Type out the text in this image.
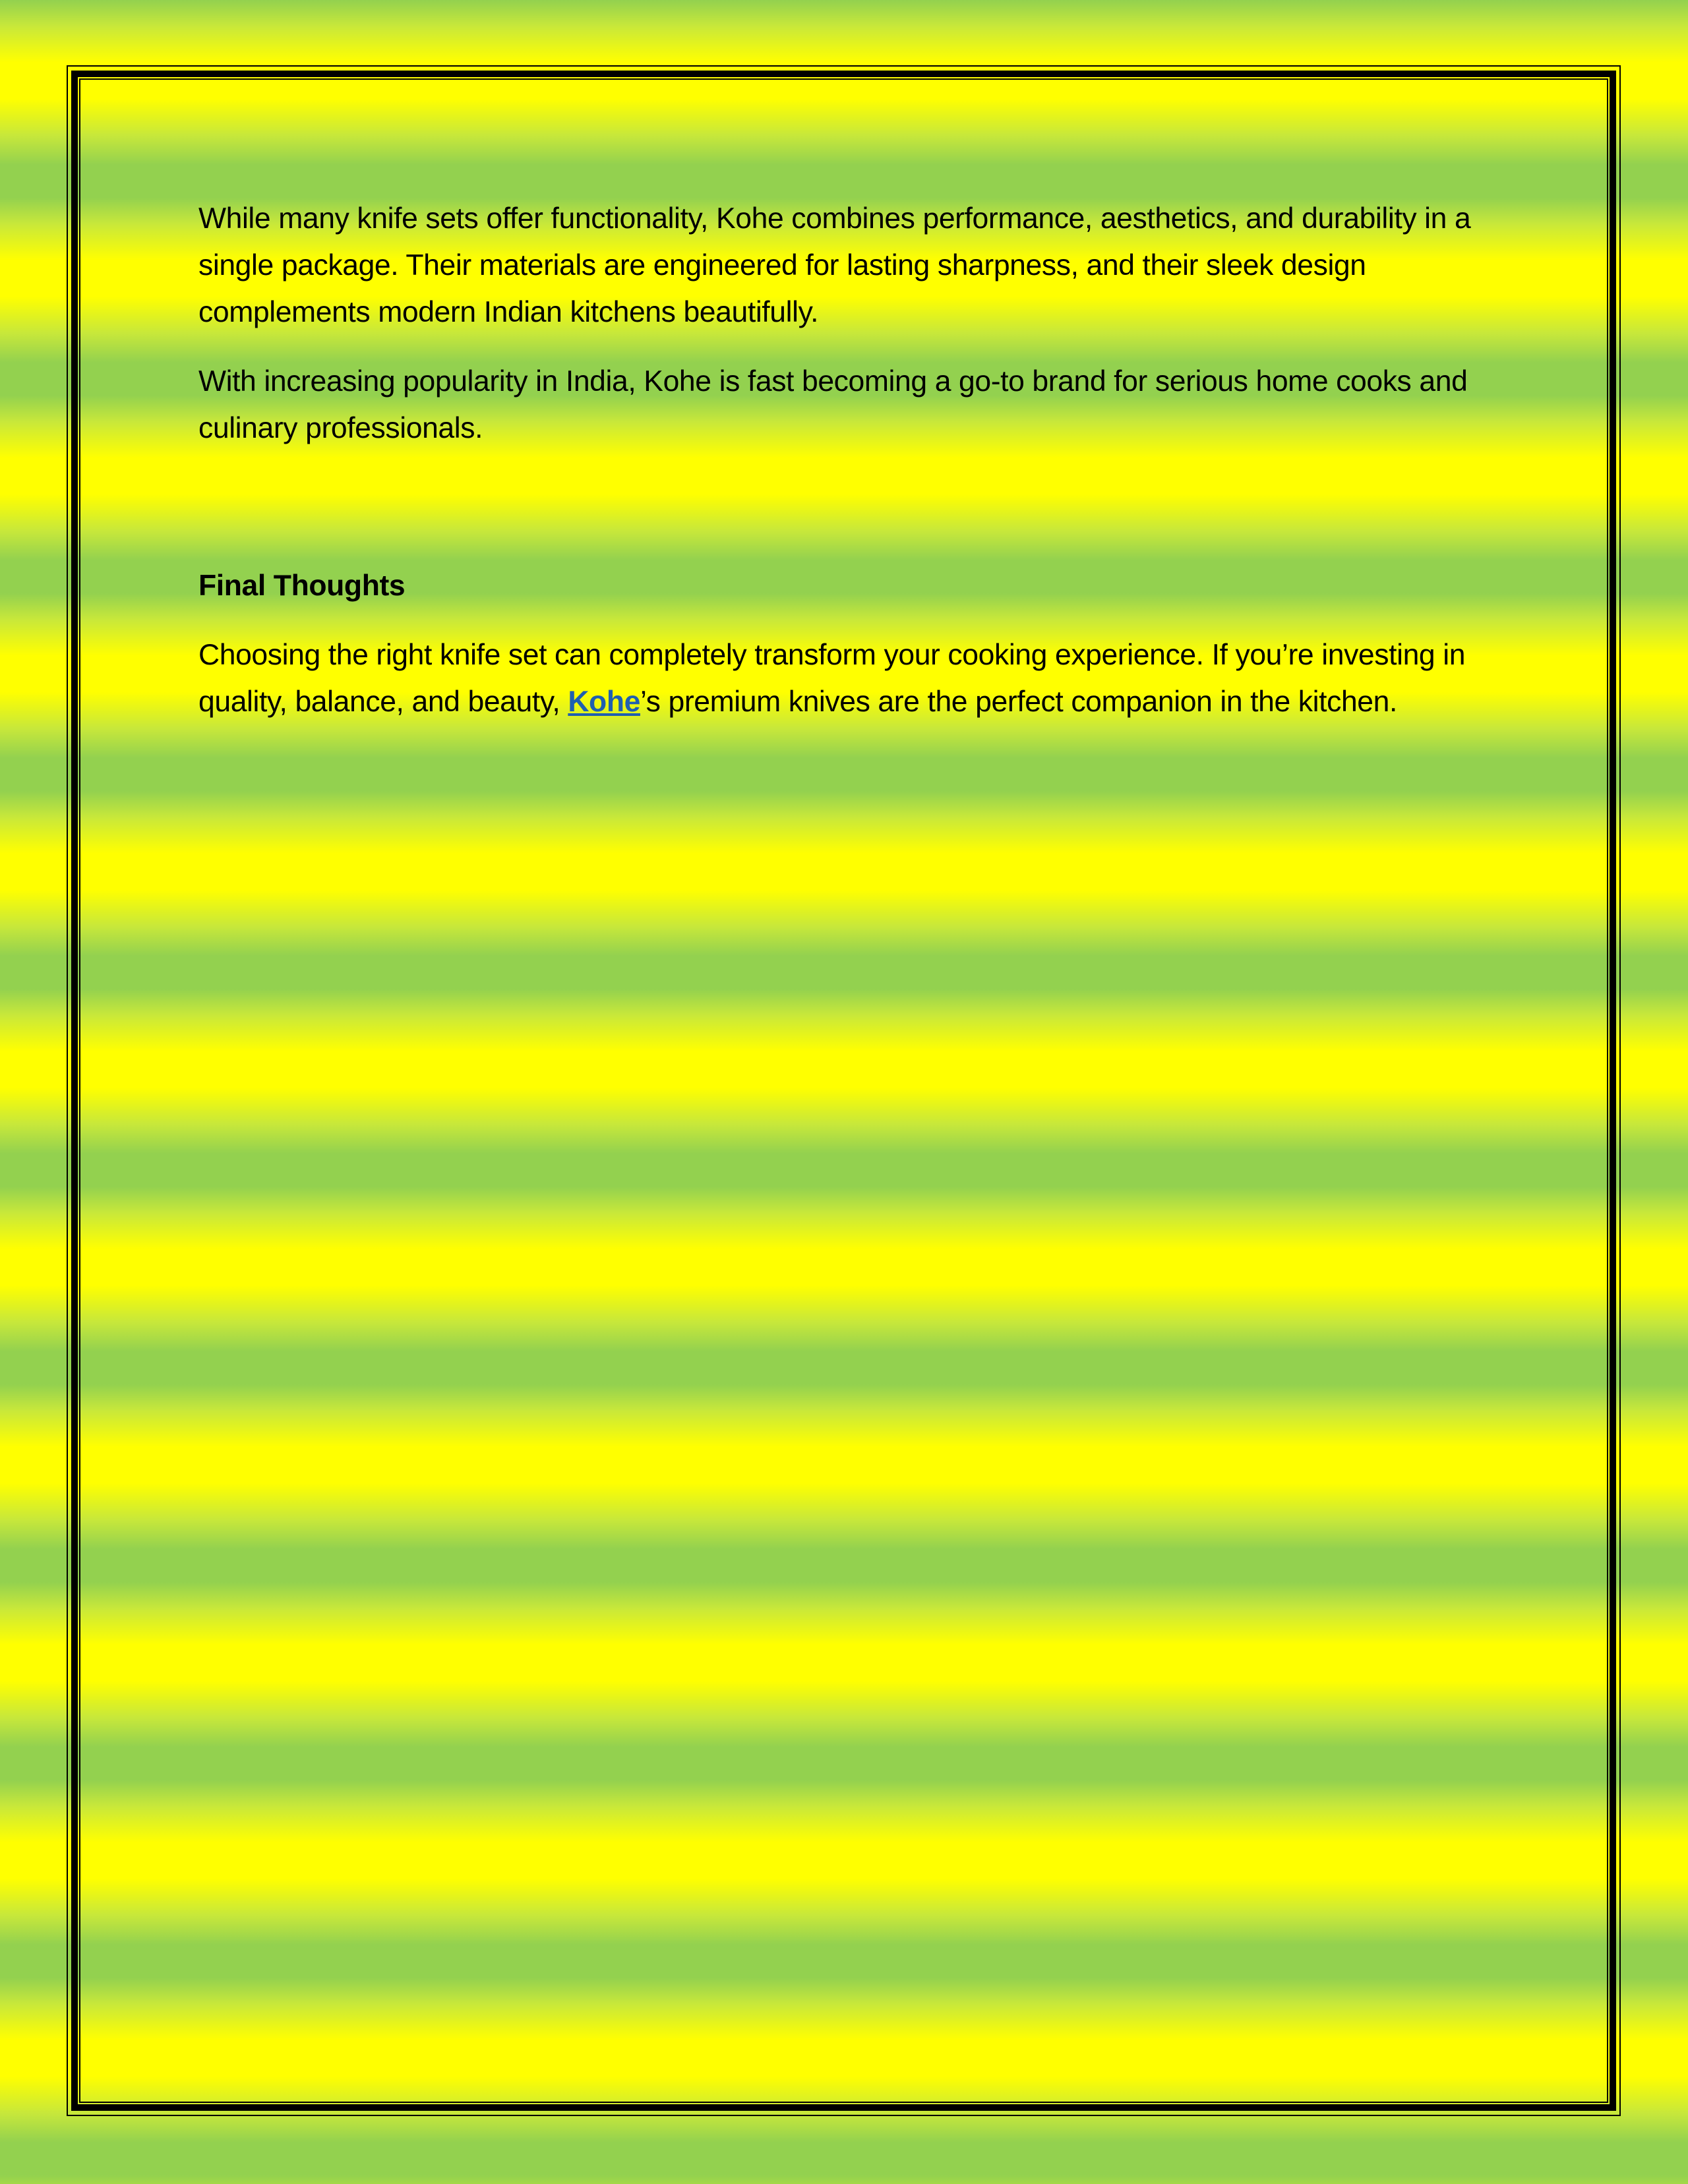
While many knife sets offer functionality, Kohe combines performance, aesthetics, and durability in a single package. Their materials are engineered for lasting sharpness, and their sleek design complements modern Indian kitchens beautifully.

With increasing popularity in India, Kohe is fast becoming a go-to brand for serious home cooks and culinary professionals.

Final Thoughts

Choosing the right knife set can completely transform your cooking experience. If you’re investing in quality, balance, and beauty, Kohe’s premium knives are the perfect companion in the kitchen.
